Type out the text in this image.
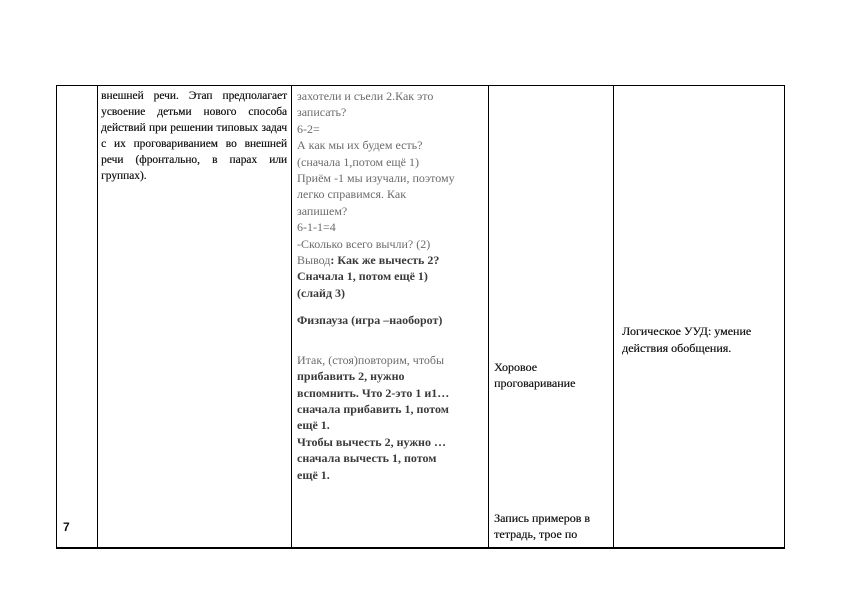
7
внешней речи. Этап предполагает усвоение детьми нового способа действий при решении типовых задач с их проговариванием во внешней речи (фронтально, в парах или группах).
захотели и съели 2.Как это
записать?
6-2=
А как мы их будем есть?
(сначала 1,потом ещё 1)
Приём -1 мы изучали, поэтому
легко справимся. Как
запишем?
6-1-1=4
-Сколько всего вычли? (2)
Вывод: Как же вычесть 2?
Сначала 1, потом ещё 1)
(слайд 3)
Физпауза (игра –наоборот)
Итак, (стоя)повторим, чтобы
прибавить 2, нужно
вспомнить. Что 2-это 1 и1…
сначала прибавить 1, потом
ещё 1.
Чтобы вычесть 2, нужно …
сначала вычесть 1, потом
ещё 1.
Хоровое проговаривание
Запись примеров в тетрадь, трое по
Логическое УУД: умение действия обобщения.
